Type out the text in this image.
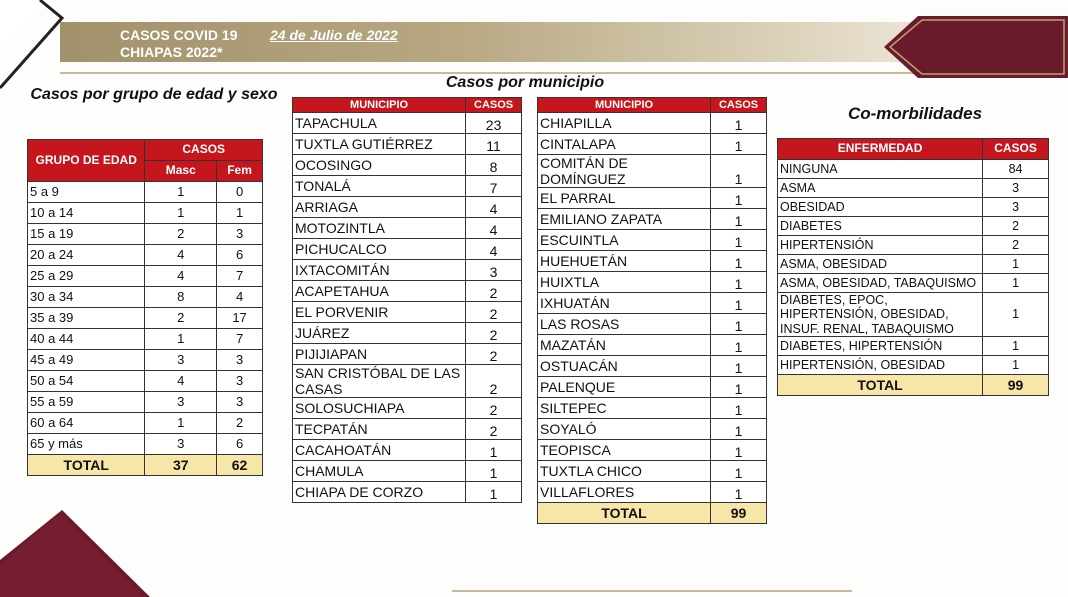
CASOS COVID 19 24 de Julio de 2022
CHIAPAS 2022*
Casos por grupo de edad y sexo
Casos por municipio
Co-morbilidades
GRUPO DE EDAD	CASOS	
	Masc	Fem
5 a 9	1	0
10 a 14	1	1
15 a 19	2	3
20 a 24	4	6
25 a 29	4	7
30 a 34	8	4
35 a 39	2	17
40 a 44	1	7
45 a 49	3	3
50 a 54	4	3
55 a 59	3	3
60 a 64	1	2
65 y más	3	6
TOTAL	37	62
MUNICIPIO	CASOS
TAPACHULA	23
TUXTLA GUTIÉRREZ	11
OCOSINGO	8
TONALÁ	7
ARRIAGA	4
MOTOZINTLA	4
PICHUCALCO	4
IXTACOMITÁN	3
ACAPETAHUA	2
EL PORVENIR	2
JUÁREZ	2
PIJIJIAPAN	2
SAN CRISTÓBAL DE LAS CASAS	2
SOLOSUCHIAPA	2
TECPATÁN	2
CACAHOATÁN	1
CHAMULA	1
CHIAPA DE CORZO	1
MUNICIPIO	CASOS
CHIAPILLA	1
CINTALAPA	1
COMITÁN DE DOMÍNGUEZ	1
EL PARRAL	1
EMILIANO ZAPATA	1
ESCUINTLA	1
HUEHUETÁN	1
HUIXTLA	1
IXHUATÁN	1
LAS ROSAS	1
MAZATÁN	1
OSTUACÁN	1
PALENQUE	1
SILTEPEC	1
SOYALÓ	1
TEOPISCA	1
TUXTLA CHICO	1
VILLAFLORES	1
TOTAL	99
ENFERMEDAD	CASOS
NINGUNA	84
ASMA	3
OBESIDAD	3
DIABETES	2
HIPERTENSIÓN	2
ASMA, OBESIDAD	1
ASMA, OBESIDAD, TABAQUISMO	1
DIABETES, EPOC, HIPERTENSIÓN, OBESIDAD, INSUF. RENAL, TABAQUISMO	1
DIABETES, HIPERTENSIÓN	1
HIPERTENSIÓN, OBESIDAD	1
TOTAL	99
